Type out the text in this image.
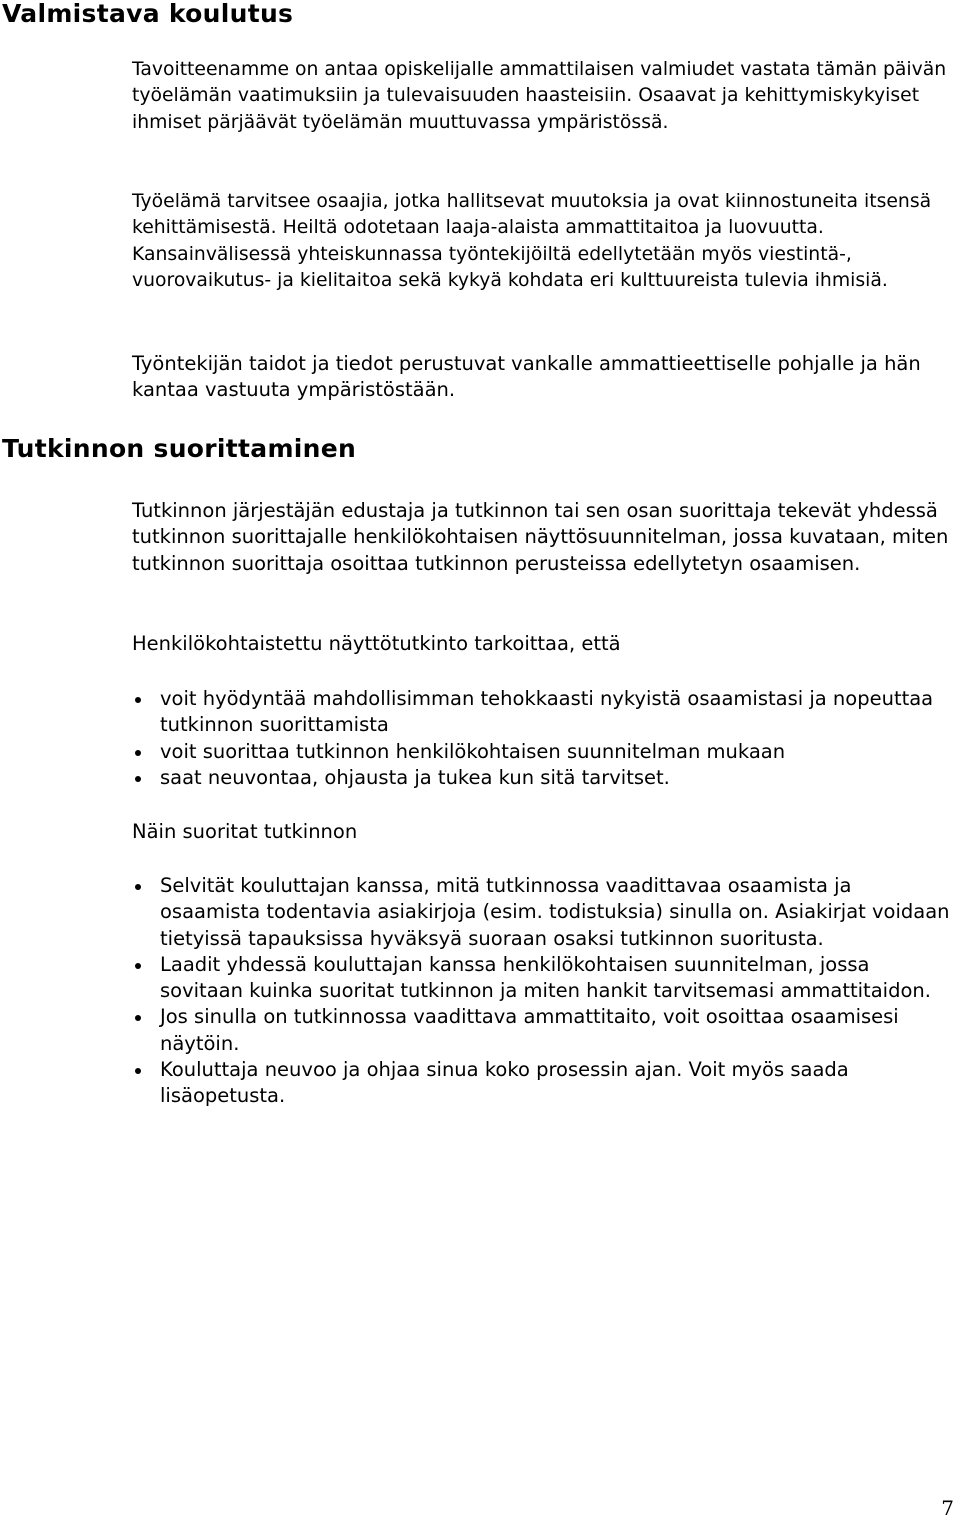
Valmistava koulutus

Tavoitteenamme on antaa opiskelijalle ammattilaisen valmiudet vastata tämän päivän työelämän vaatimuksiin ja tulevaisuuden haasteisiin. Osaavat ja kehittymiskykyiset ihmiset pärjäävät työelämän muuttuvassa ympäristössä.

Työelämä tarvitsee osaajia, jotka hallitsevat muutoksia ja ovat kiinnostuneita itsensä kehittämisestä. Heiltä odotetaan laaja-alaista ammattitaitoa ja luovuutta. Kansainvälisessä yhteiskunnassa työntekijöiltä edellytetään myös viestintä-, vuorovaikutus- ja kielitaitoa sekä kykyä kohdata eri kulttuureista tulevia ihmisiä.

Työntekijän taidot ja tiedot perustuvat vankalle ammattieettiselle pohjalle ja hän kantaa vastuuta ympäristöstään.

Tutkinnon suorittaminen

Tutkinnon järjestäjän edustaja ja tutkinnon tai sen osan suorittaja tekevät yhdessä tutkinnon suorittajalle henkilökohtaisen näyttösuunnitelman, jossa kuvataan, miten tutkinnon suorittaja osoittaa tutkinnon perusteissa edellytetyn osaamisen.

Henkilökohtaistettu näyttötutkinto tarkoittaa, että

voit hyödyntää mahdollisimman tehokkaasti nykyistä osaamistasi ja nopeuttaa tutkinnon suorittamista
voit suorittaa tutkinnon henkilökohtaisen suunnitelman mukaan
saat neuvontaa, ohjausta ja tukea kun sitä tarvitset.

Näin suoritat tutkinnon

Selvität kouluttajan kanssa, mitä tutkinnossa vaadittavaa osaamista ja osaamista todentavia asiakirjoja (esim. todistuksia) sinulla on. Asiakirjat voidaan tietyissä tapauksissa hyväksyä suoraan osaksi tutkinnon suoritusta.
Laadit yhdessä kouluttajan kanssa henkilökohtaisen suunnitelman, jossa sovitaan kuinka suoritat tutkinnon ja miten hankit tarvitsemasi ammattitaidon.
Jos sinulla on tutkinnossa vaadittava ammattitaito, voit osoittaa osaamisesi näytöin.
Kouluttaja neuvoo ja ohjaa sinua koko prosessin ajan. Voit myös saada lisäopetusta.
7
